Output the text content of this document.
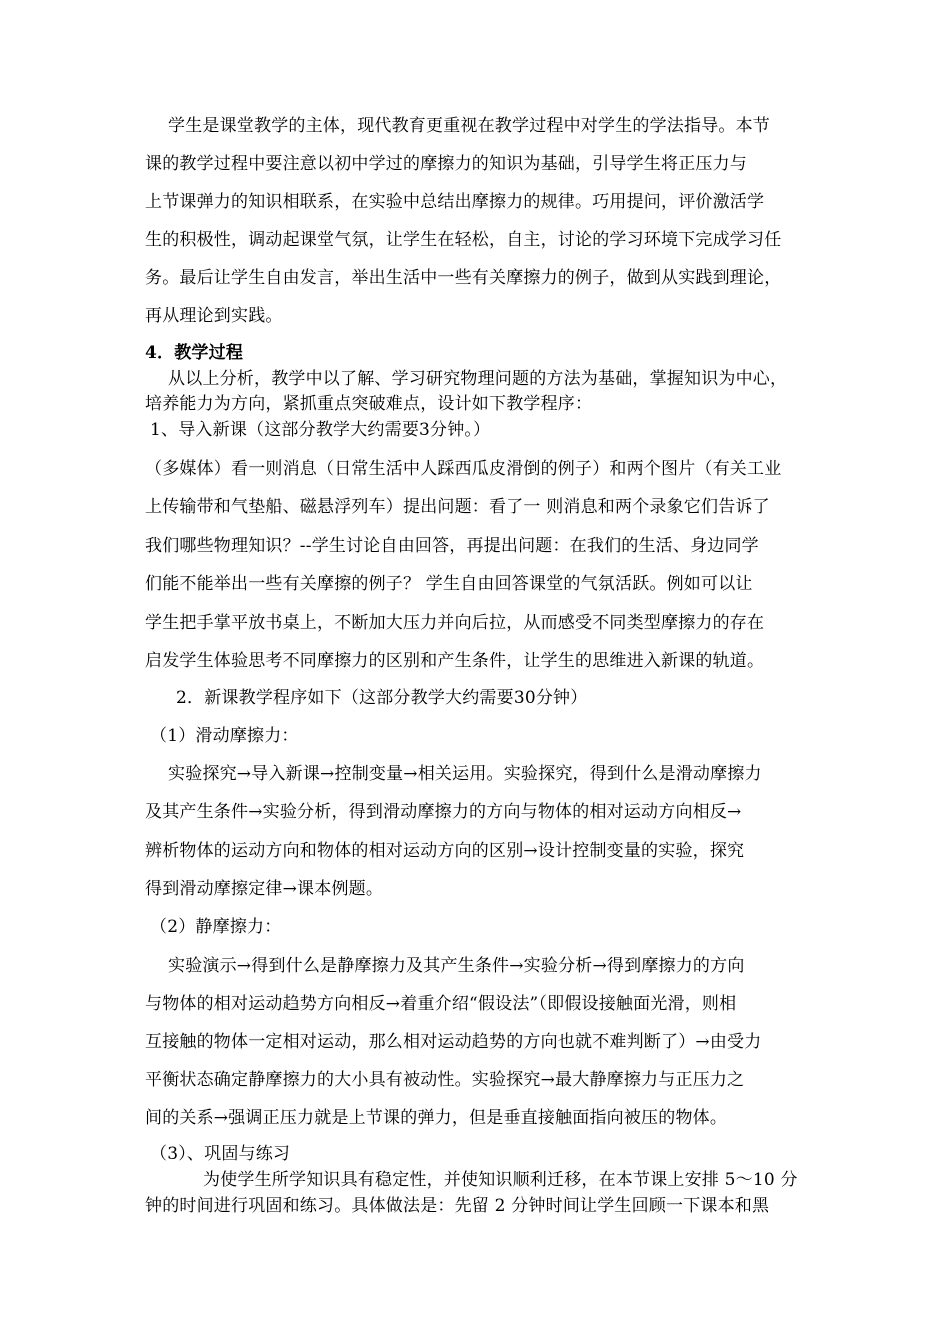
学生是课堂教学的主体，现代教育更重视在教学过程中对学生的学法指导。本节
课的教学过程中要注意以初中学过的摩擦力的知识为基础，引导学生将正压力与
上节课弹力的知识相联系，在实验中总结出摩擦力的规律。巧用提问，评价激活学
生的积极性，调动起课堂气氛，让学生在轻松，自主，讨论的学习环境下完成学习任
务。最后让学生自由发言，举出生活中一些有关摩擦力的例子，做到从实践到理论，
再从理论到实践。
4．教学过程
从以上分析，教学中以了解、学习研究物理问题的方法为基础，掌握知识为中心，
培养能力为方向，紧抓重点突破难点，设计如下教学程序：
1、导入新课（这部分教学大约需要3分钟。）
（多媒体）看一则消息（日常生活中人踩西瓜皮滑倒的例子）和两个图片（有关工业
上传输带和气垫船、磁悬浮列车）提出问题：看了一 则消息和两个录象它们告诉了
我们哪些物理知识？--学生讨论自由回答，再提出问题：在我们的生活、身边同学
们能不能举出一些有关摩擦的例子？ 学生自由回答课堂的气氛活跃。例如可以让
学生把手掌平放书桌上，不断加大压力并向后拉，从而感受不同类型摩擦力的存在
启发学生体验思考不同摩擦力的区别和产生条件，让学生的思维进入新课的轨道。
2．新课教学程序如下（这部分教学大约需要30分钟）
（1）滑动摩擦力：
实验探究→导入新课→控制变量→相关运用。实验探究，得到什么是滑动摩擦力
及其产生条件→实验分析，得到滑动摩擦力的方向与物体的相对运动方向相反→
辨析物体的运动方向和物体的相对运动方向的区别→设计控制变量的实验，探究
得到滑动摩擦定律→课本例题。
（2）静摩擦力：
实验演示→得到什么是静摩擦力及其产生条件→实验分析→得到摩擦力的方向
与物体的相对运动趋势方向相反→着重介绍“假设法”（即假设接触面光滑，则相
互接触的物体一定相对运动，那么相对运动趋势的方向也就不难判断了）→由受力
平衡状态确定静摩擦力的大小具有被动性。实验探究→最大静摩擦力与正压力之
间的关系→强调正压力就是上节课的弹力，但是垂直接触面指向被压的物体。
（3）、巩固与练习
为使学生所学知识具有稳定性，并使知识顺利迁移，在本节课上安排 5～10 分
钟的时间进行巩固和练习。具体做法是：先留 2 分钟时间让学生回顾一下课本和黑
